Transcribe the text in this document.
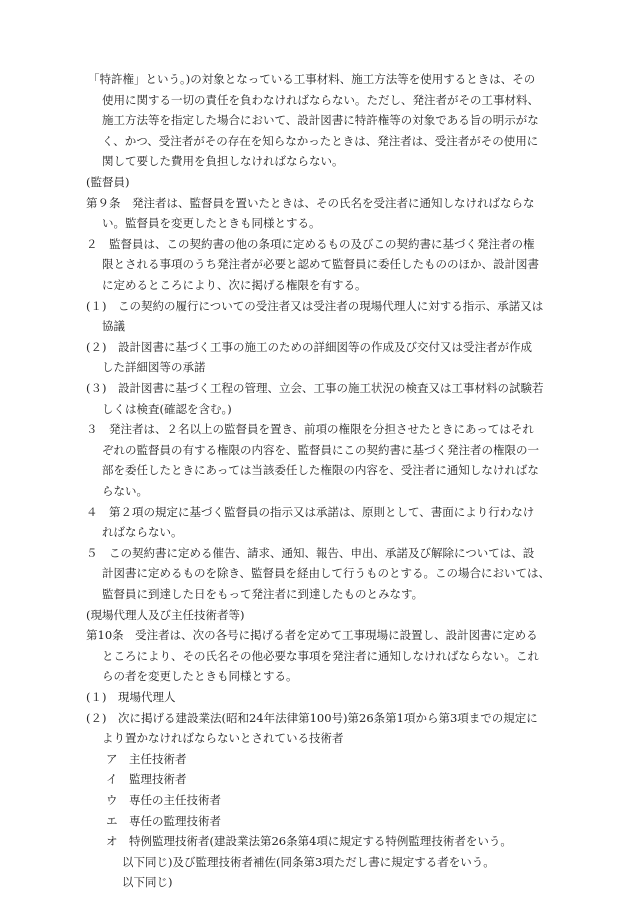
「特許権」という。)の対象となっている工事材料、施工方法等を使用するときは、その
使用に関する一切の責任を負わなければならない。ただし、発注者がその工事材料、
施工方法等を指定した場合において、設計図書に特許権等の対象である旨の明示がな
く、かつ、受注者がその存在を知らなかったときは、発注者は、受注者がその使用に
関して要した費用を負担しなければならない。
(監督員)
第９条　発注者は、監督員を置いたときは、その氏名を受注者に通知しなければならな
い。監督員を変更したときも同様とする。
２　監督員は、この契約書の他の条項に定めるもの及びこの契約書に基づく発注者の権
限とされる事項のうち発注者が必要と認めて監督員に委任したもののほか、設計図書
に定めるところにより、次に掲げる権限を有する。
(１)　この契約の履行についての受注者又は受注者の現場代理人に対する指示、承諾又は
協議
(２)　設計図書に基づく工事の施工のための詳細図等の作成及び交付又は受注者が作成
した詳細図等の承諾
(３)　設計図書に基づく工程の管理、立会、工事の施工状況の検査又は工事材料の試験若
しくは検査(確認を含む。)
３　発注者は、２名以上の監督員を置き、前項の権限を分担させたときにあってはそれ
ぞれの監督員の有する権限の内容を、監督員にこの契約書に基づく発注者の権限の一
部を委任したときにあっては当該委任した権限の内容を、受注者に通知しなければな
らない。
４　第２項の規定に基づく監督員の指示又は承諾は、原則として、書面により行わなけ
ればならない。
５　この契約書に定める催告、請求、通知、報告、申出、承諾及び解除については、設
計図書に定めるものを除き、監督員を経由して行うものとする。この場合においては、
監督員に到達した日をもって発注者に到達したものとみなす。
(現場代理人及び主任技術者等)
第10条　受注者は、次の各号に掲げる者を定めて工事現場に設置し、設計図書に定める
ところにより、その氏名その他必要な事項を発注者に通知しなければならない。これ
らの者を変更したときも同様とする。
(１)　現場代理人
(２)　次に掲げる建設業法(昭和24年法律第100号)第26条第1項から第3項までの規定に
より置かなければならないとされている技術者
ア　主任技術者
イ　監理技術者
ウ　専任の主任技術者
エ　専任の監理技術者
オ　特例監理技術者(建設業法第26条第4項に規定する特例監理技術者をいう。
以下同じ)及び監理技術者補佐(同条第3項ただし書に規定する者をいう。
以下同じ)
